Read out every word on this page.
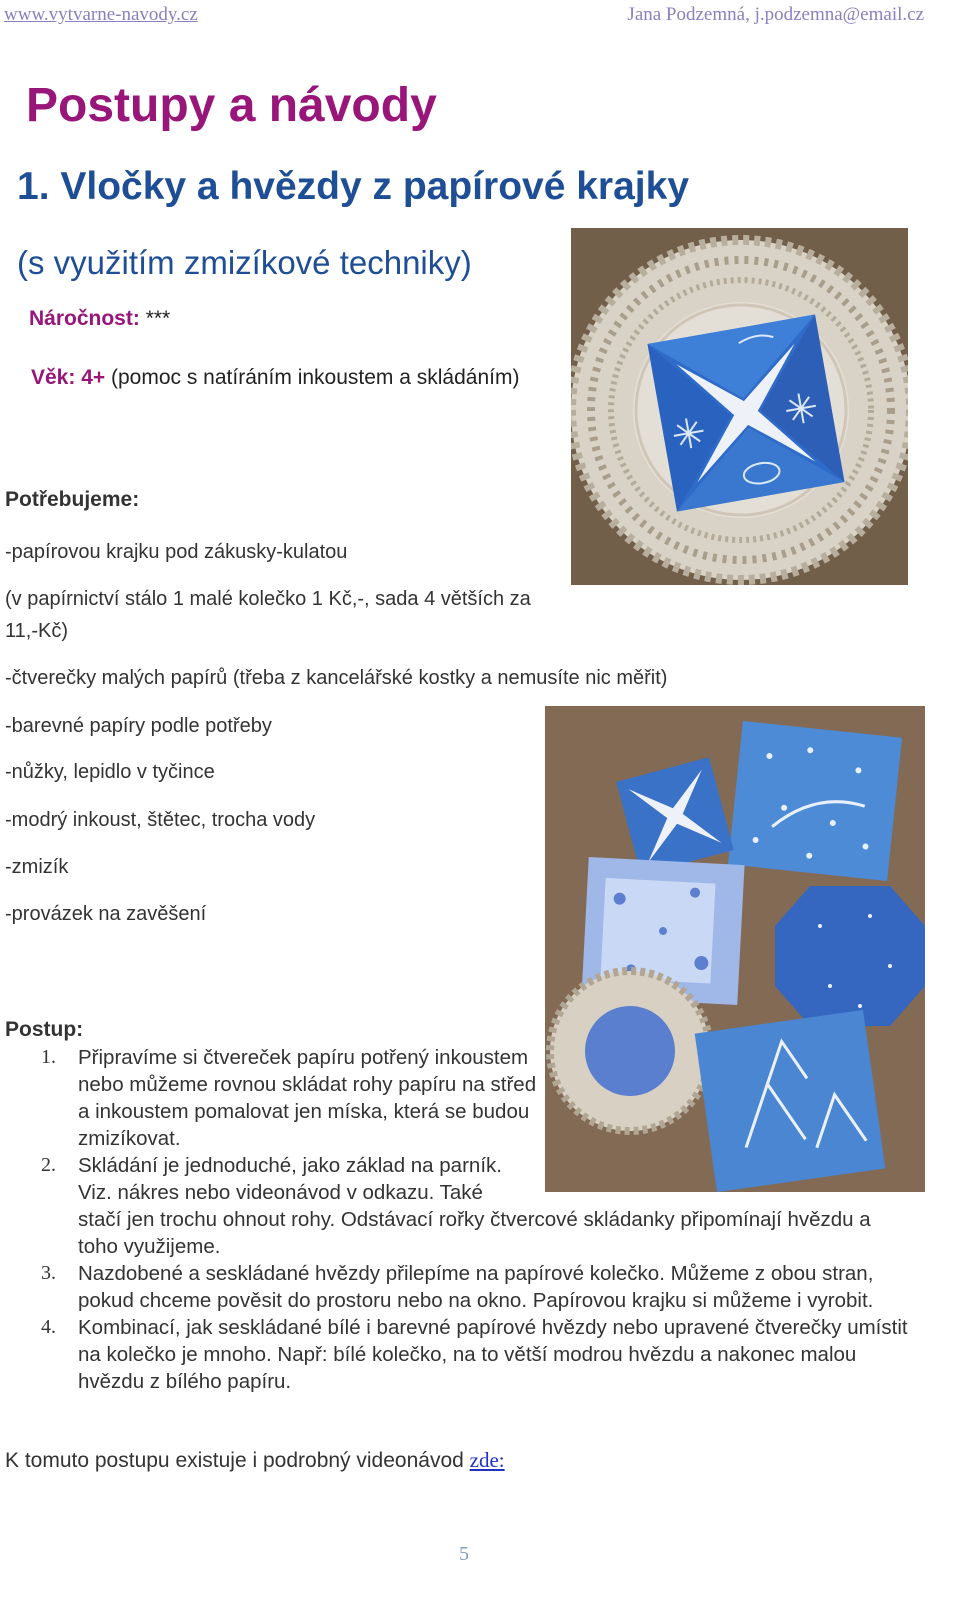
www.vytvarne-navody.cz	Jana Podzemná, j.podzemna@email.cz
Postupy a návody
1. Vločky a hvězdy z papírové krajky
(s využitím zmizíkové techniky)
Náročnost: ***
Věk: 4+ (pomoc s natíráním inkoustem a skládáním)
Potřebujeme:
-papírovou krajku pod zákusky-kulatou
(v papírnictví stálo 1 malé kolečko 1 Kč,-, sada 4 větších za
11,-Kč)
-čtverečky malých papírů (třeba z kancelářské kostky a nemusíte nic měřit)
-barevné papíry podle potřeby
-nůžky, lepidlo v tyčince
-modrý inkoust, štětec, trocha vody
-zmizík
-provázek na zavěšení
Postup:
1. Připravíme si čtvereček papíru potřený inkoustem nebo můžeme rovnou skládat rohy papíru na střed a inkoustem pomalovat jen míska, která se budou zmizíkovat.
2. Skládání je jednoduché, jako základ na parník.
Viz. nákres nebo videonávod v odkazu. Také
stačí jen trochu ohnout rohy. Odstávací rořky čtvercové skládanky připomínají hvězdu a toho využijeme.
3. Nazdobené a seskládané hvězdy přilepíme na papírové kolečko. Můžeme z obou stran, pokud chceme pověsit do prostoru nebo na okno. Papírovou krajku si můžeme i vyrobit.
4. Kombinací, jak seskládané bílé i barevné papírové hvězdy nebo upravené čtverečky umístit na kolečko je mnoho. Např: bílé kolečko, na to větší modrou hvězdu a nakonec malou hvězdu z bílého papíru.
K tomuto postupu existuje i podrobný videonávod zde:
5
